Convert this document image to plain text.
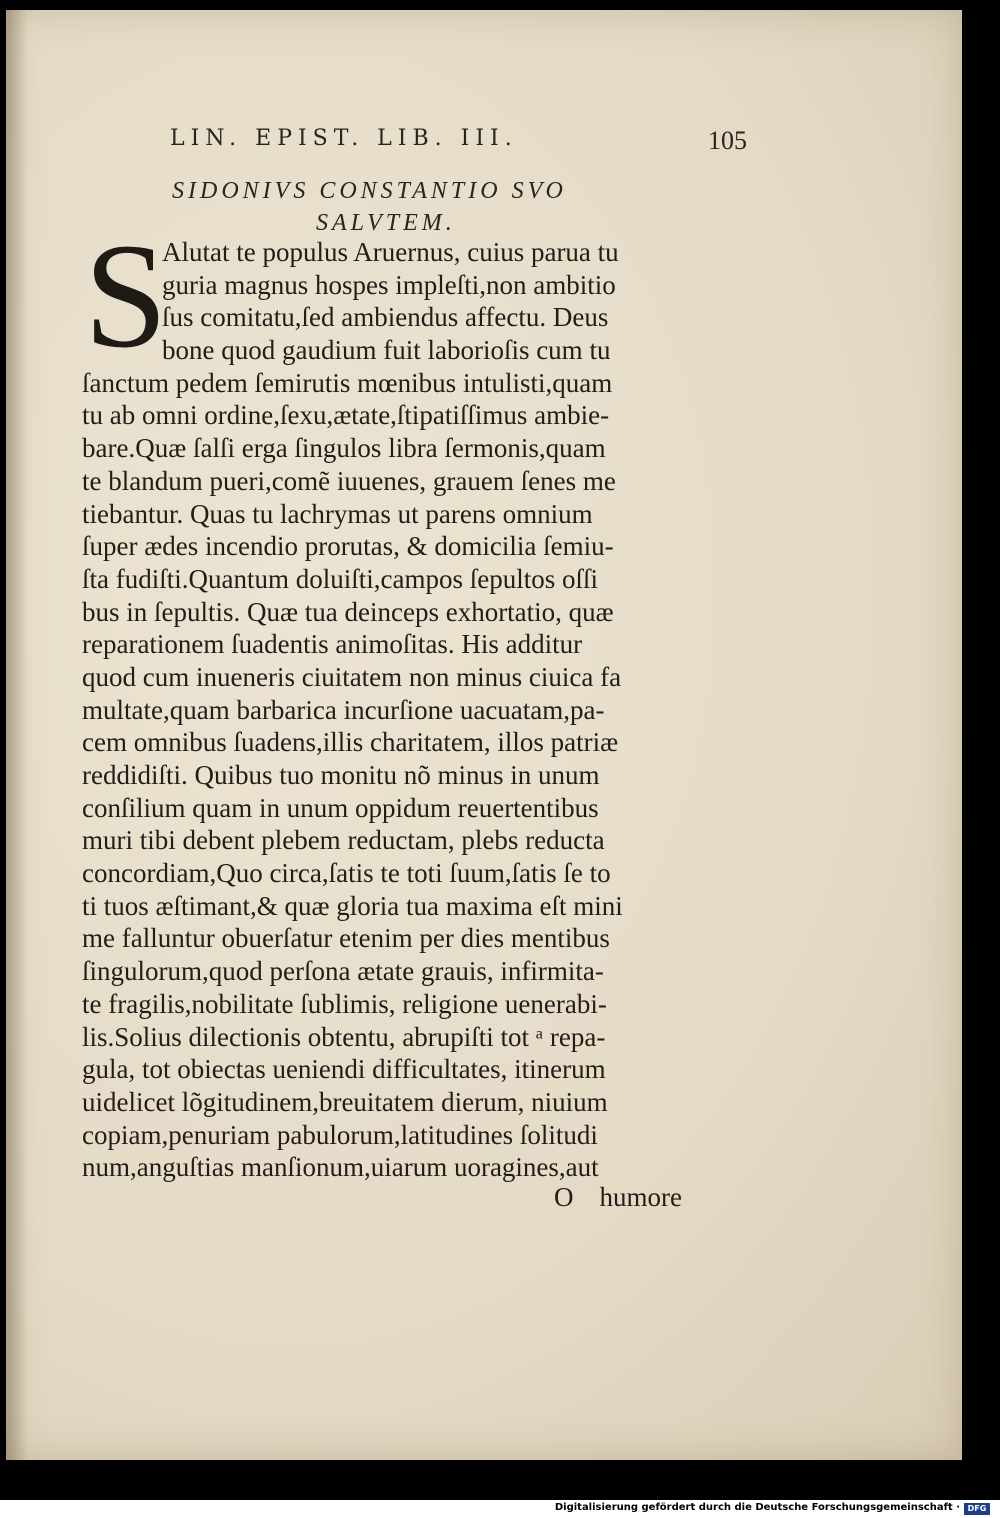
LIN. EPIST. LIB. III.	105
SIDONIVS CONSTANTIO SVO
SALVTEM.
S
Alutat te populus Aruernus, cuius parua tu
guria magnus hospes impleſti,non ambitio
ſus comitatu,ſed ambiendus affectu. Deus
bone quod gaudium fuit laborioſis cum tu
ſanctum pedem ſemirutis mœnibus intulisti,quam
tu ab omni ordine,ſexu,ætate,ſtipatiſſimus ambie‑
bare.Quæ ſalſi erga ſingulos libra ſermonis,quam
te blandum pueri,comẽ iuuenes, grauem ſenes me
tiebantur. Quas tu lachrymas ut parens omnium
ſuper ædes incendio prorutas, & domicilia ſemiu‑
ſta fudiſti.Quantum doluiſti,campos ſepultos oſſi
bus in ſepultis. Quæ tua deinceps exhortatio, quæ
reparationem ſuadentis animoſitas. His additur
quod cum inueneris ciuitatem non minus ciuica fa
multate,quam barbarica incurſione uacuatam,pa‑
cem omnibus ſuadens,illis charitatem, illos patriæ
reddidiſti. Quibus tuo monitu nõ minus in unum
conſilium quam in unum oppidum reuertentibus
muri tibi debent plebem reductam, plebs reducta
concordiam,Quo circa,ſatis te toti ſuum,ſatis ſe to
ti tuos æſtimant,& quæ gloria tua maxima eſt mini
me falluntur obuerſatur etenim per dies mentibus
ſingulorum,quod perſona ætate grauis, infirmita‑
te fragilis,nobilitate ſublimis, religione uenerabi‑
lis.Solius dilectionis obtentu, abrupiſti tot ᵃ repa‑
gula, tot obiectas ueniendi difficultates, itinerum
uidelicet lõgitudinem,breuitatem dierum, niuium
copiam,penuriam pabulorum,latitudines ſolitudi
num,anguſtias manſionum,uiarum uoragines,aut
O humore
Digitalisierung gefördert durch die Deutsche Forschungsgemeinschaft · DFG
